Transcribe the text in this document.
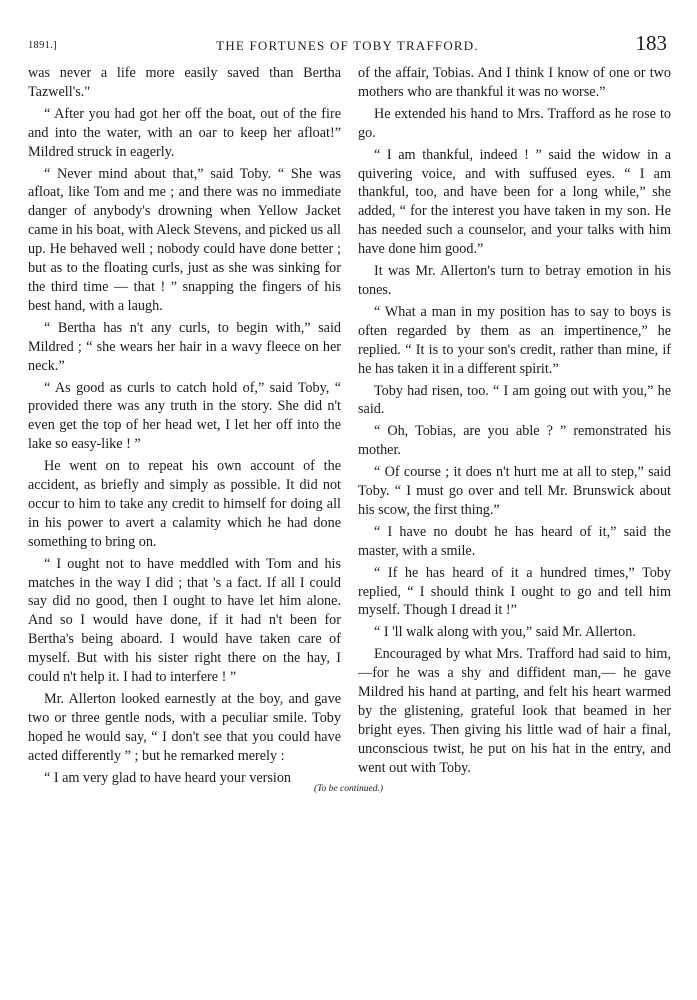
1891.]	THE FORTUNES OF TOBY TRAFFORD.	183

was never a life more easily saved than Bertha Tazwell's."

“ After you had got her off the boat, out of the fire and into the water, with an oar to keep her afloat!” Mildred struck in eagerly.

“ Never mind about that,” said Toby. “ She was afloat, like Tom and me ; and there was no immediate danger of anybody's drowning when Yellow Jacket came in his boat, with Aleck Stevens, and picked us all up. He behaved well ; nobody could have done better ; but as to the floating curls, just as she was sinking for the third time — that ! ” snapping the fingers of his best hand, with a laugh.

“ Bertha has n't any curls, to begin with,” said Mildred ; “ she wears her hair in a wavy fleece on her neck.”

“ As good as curls to catch hold of,” said Toby, “ provided there was any truth in the story. She did n't even get the top of her head wet, I let her off into the lake so easy-like ! ”

He went on to repeat his own account of the accident, as briefly and simply as possible. It did not occur to him to take any credit to himself for doing all in his power to avert a calamity which he had done something to bring on.

“ I ought not to have meddled with Tom and his matches in the way I did ; that 's a fact. If all I could say did no good, then I ought to have let him alone. And so I would have done, if it had n't been for Bertha's being aboard. I would have taken care of myself. But with his sister right there on the hay, I could n't help it. I had to interfere ! ”

Mr. Allerton looked earnestly at the boy, and gave two or three gentle nods, with a peculiar smile. Toby hoped he would say, “ I don't see that you could have acted differently ” ; but he remarked merely :

“ I am very glad to have heard your version

of the affair, Tobias. And I think I know of one or two mothers who are thankful it was no worse.”

He extended his hand to Mrs. Trafford as he rose to go.

“ I am thankful, indeed ! ” said the widow in a quivering voice, and with suffused eyes. “ I am thankful, too, and have been for a long while,” she added, “ for the interest you have taken in my son. He has needed such a counselor, and your talks with him have done him good.”

It was Mr. Allerton's turn to betray emotion in his tones.

“ What a man in my position has to say to boys is often regarded by them as an impertinence,” he replied. “ It is to your son's credit, rather than mine, if he has taken it in a different spirit.”

Toby had risen, too. “ I am going out with you,” he said.

“ Oh, Tobias, are you able ? ” remonstrated his mother.

“ Of course ; it does n't hurt me at all to step,” said Toby. “ I must go over and tell Mr. Brunswick about his scow, the first thing.”

“ I have no doubt he has heard of it,” said the master, with a smile.

“ If he has heard of it a hundred times,” Toby replied, “ I should think I ought to go and tell him myself. Though I dread it !”

“ I 'll walk along with you,” said Mr. Allerton.

Encouraged by what Mrs. Trafford had said to him,—for he was a shy and diffident man,— he gave Mildred his hand at parting, and felt his heart warmed by the glistening, grateful look that beamed in her bright eyes. Then giving his little wad of hair a final, unconscious twist, he put on his hat in the entry, and went out with Toby.

(To be continued.)
